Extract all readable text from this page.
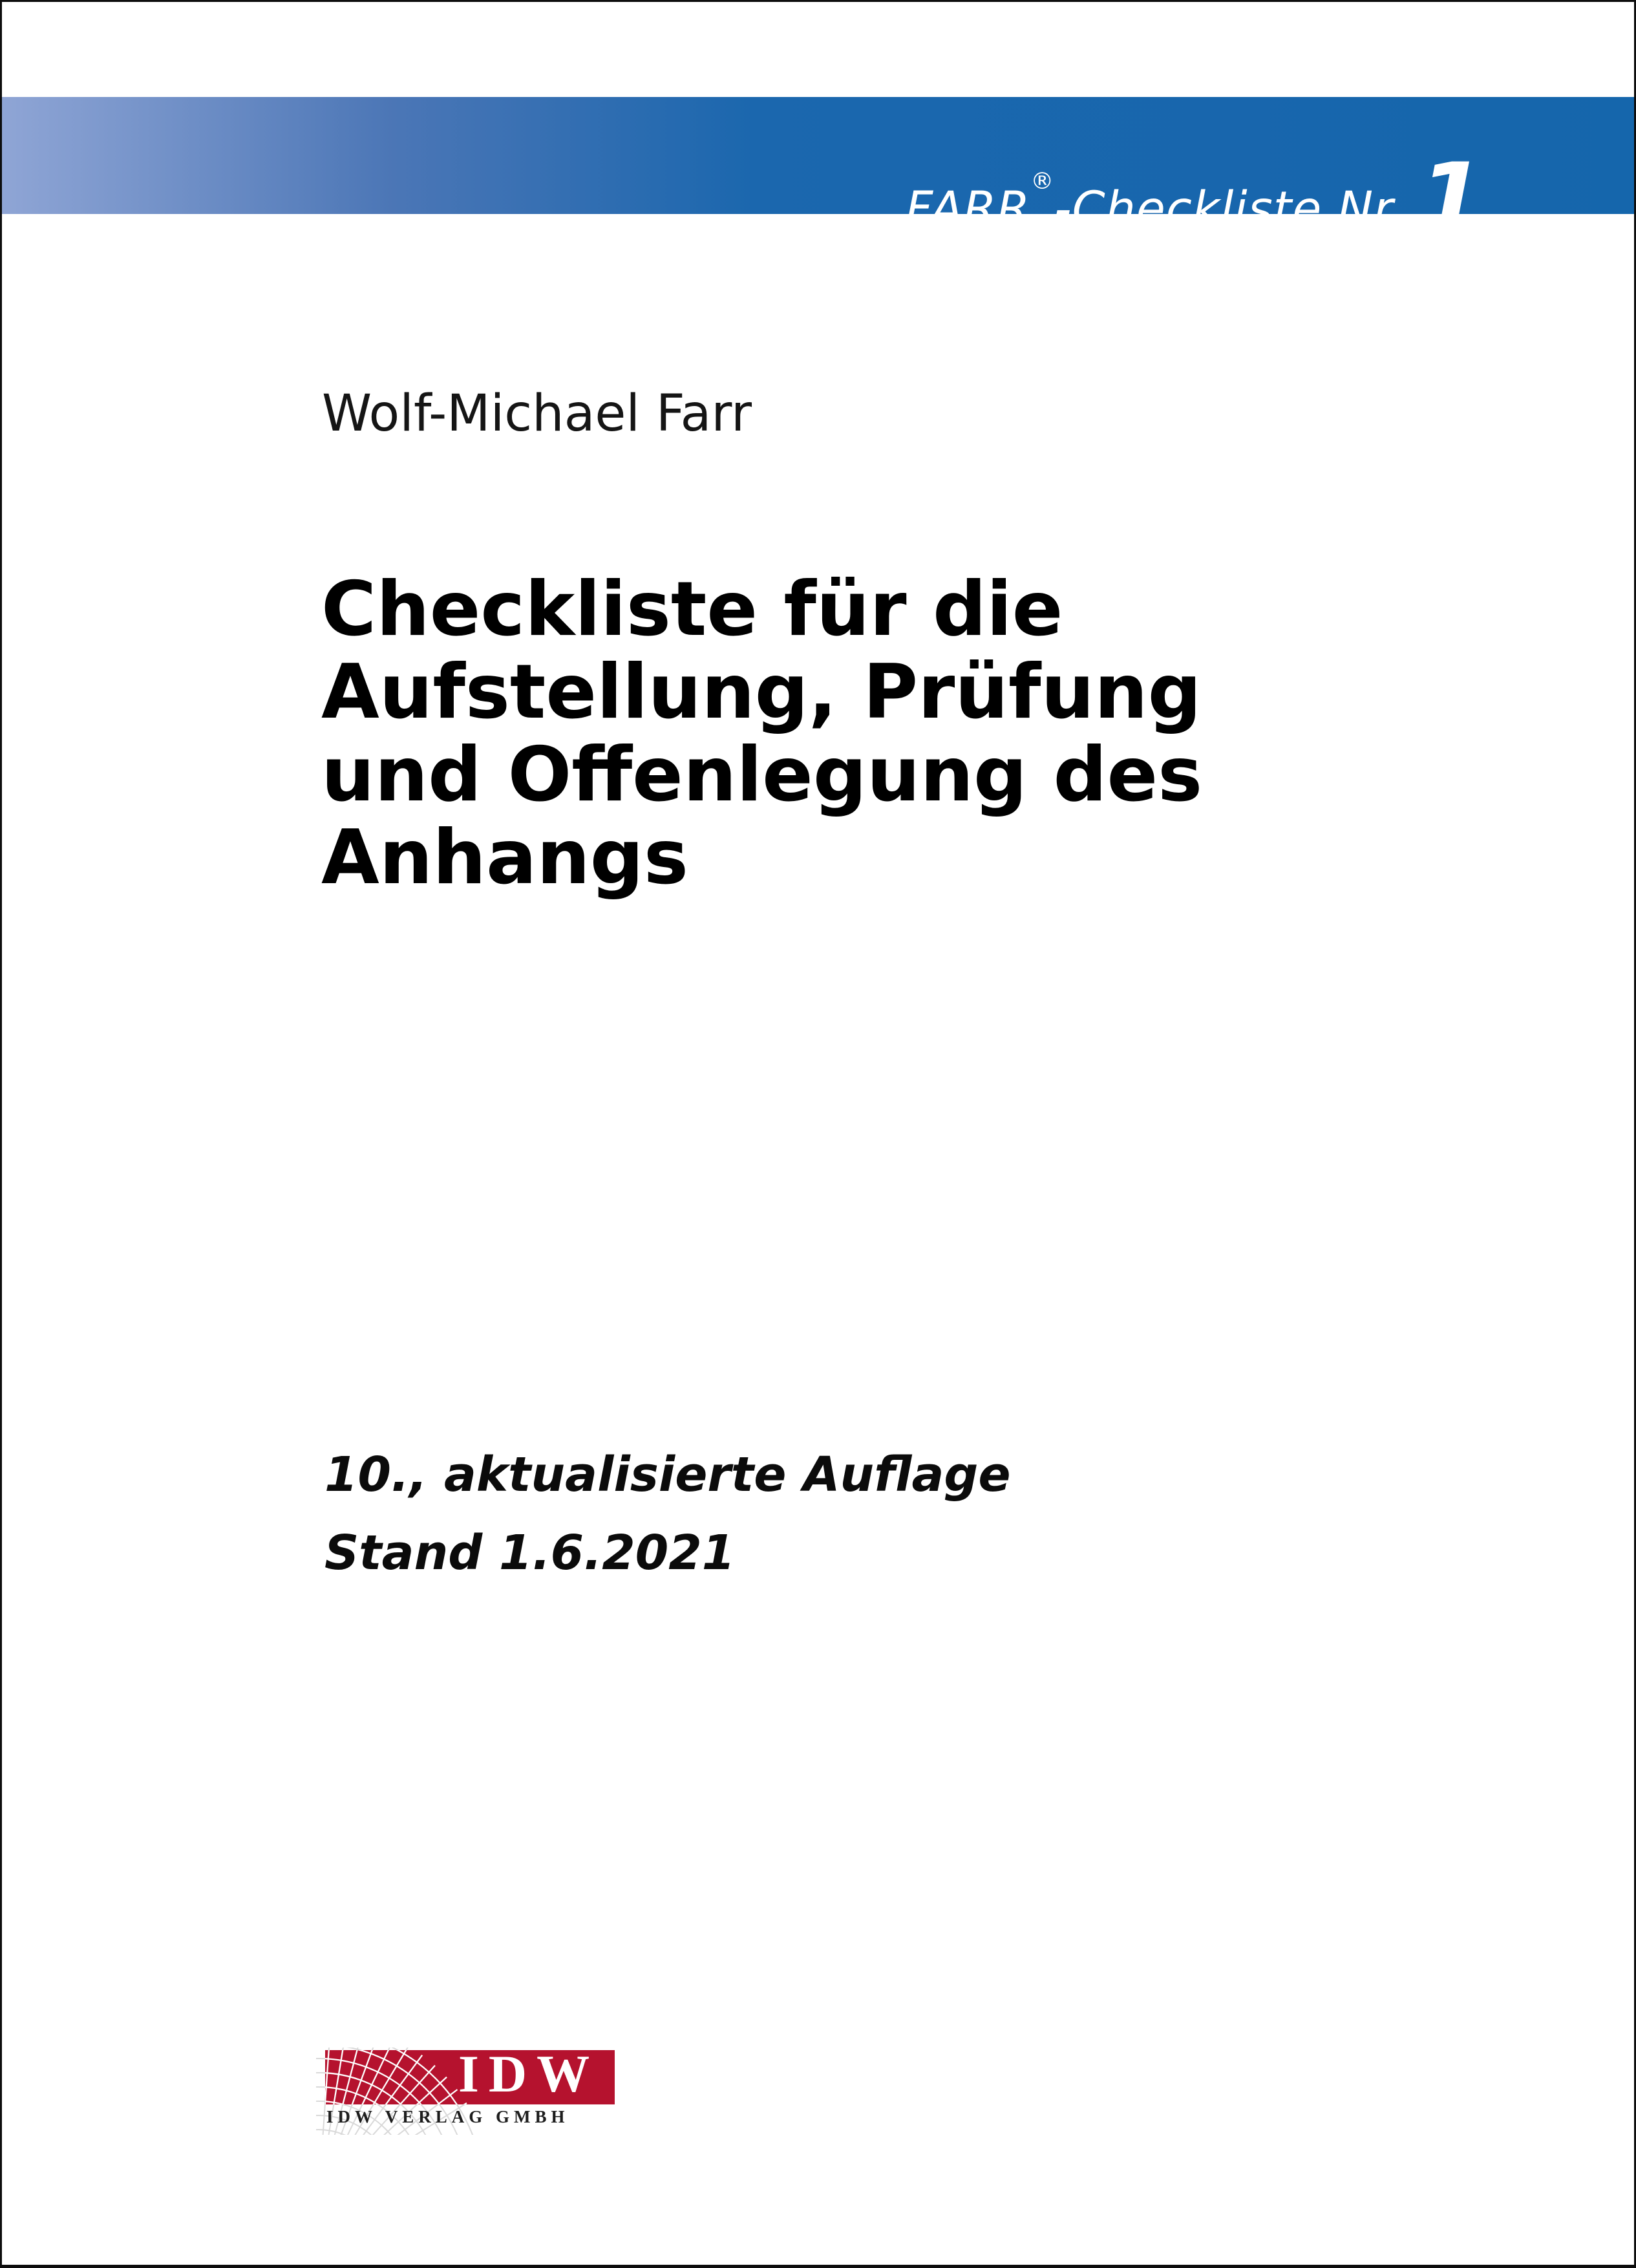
FARR®-Checkliste Nr. 1
Wolf-Michael Farr
Checkliste für die
Aufstellung, Prüfung
und Offenlegung des
Anhangs
10., aktualisierte Auflage
Stand 1.6.2021
IDW
IDW VERLAG GMBH
